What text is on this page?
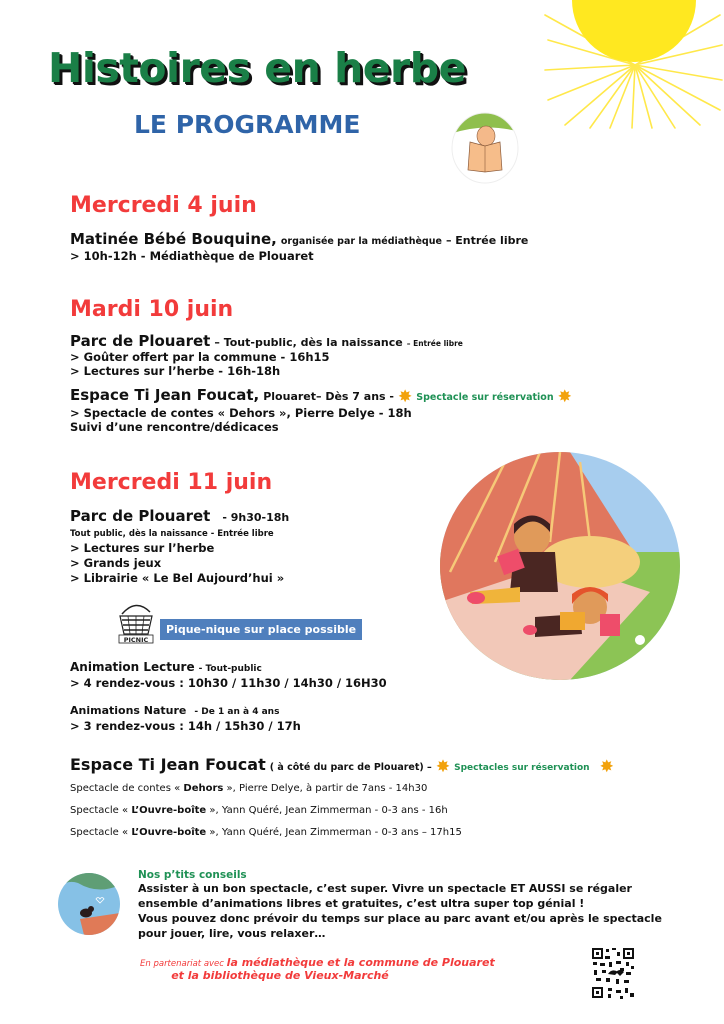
Histoires en herbe
LE PROGRAMME
Mercredi 4 juin
Matinée Bébé Bouquine, organisée par la médiathèque – Entrée libre
> 10h-12h - Médiathèque de Plouaret
Mardi 10 juin
Parc de Plouaret – Tout-public, dès la naissance – Entrée libre
> Goûter offert par la commune - 16h15
> Lectures sur l’herbe - 16h-18h
Espace Ti Jean Foucat, Plouaret– Dès 7 ans - ✸ Spectacle sur réservation ✸
> Spectacle de contes « Dehors », Pierre Delye - 18h
Suivi d’une rencontre/dédicaces
Mercredi 11 juin
Parc de Plouaret - 9h30-18h
Tout public, dès la naissance - Entrée libre
> Lectures sur l’herbe
> Grands jeux
> Librairie « Le Bel Aujourd’hui »
PICNIC
Pique-nique sur place possible
Animation Lecture - Tout-public
> 4 rendez-vous : 10h30 / 11h30 / 14h30 / 16H30
Animations Nature - De 1 an à 4 ans
> 3 rendez-vous : 14h / 15h30 / 17h
Espace Ti Jean Foucat ( à côté du parc de Plouaret) – ✸ Spectacles sur réservation ✸
Spectacle de contes « Dehors », Pierre Delye, à partir de 7ans - 14h30
Spectacle « L’Ouvre-boîte », Yann Quéré, Jean Zimmerman - 0-3 ans - 16h
Spectacle « L’Ouvre-boîte », Yann Quéré, Jean Zimmerman - 0-3 ans – 17h15
Nos p’tits conseils
Assister à un bon spectacle, c’est super. Vivre un spectacle ET AUSSI se régaler
ensemble d’animations libres et gratuites, c’est ultra super top génial !
Vous pouvez donc prévoir du temps sur place au parc avant et/ou après le spectacle
pour jouer, lire, vous relaxer…
En partenariat avec la médiathèque et la commune de Plouaret
et la bibliothèque de Vieux-Marché
